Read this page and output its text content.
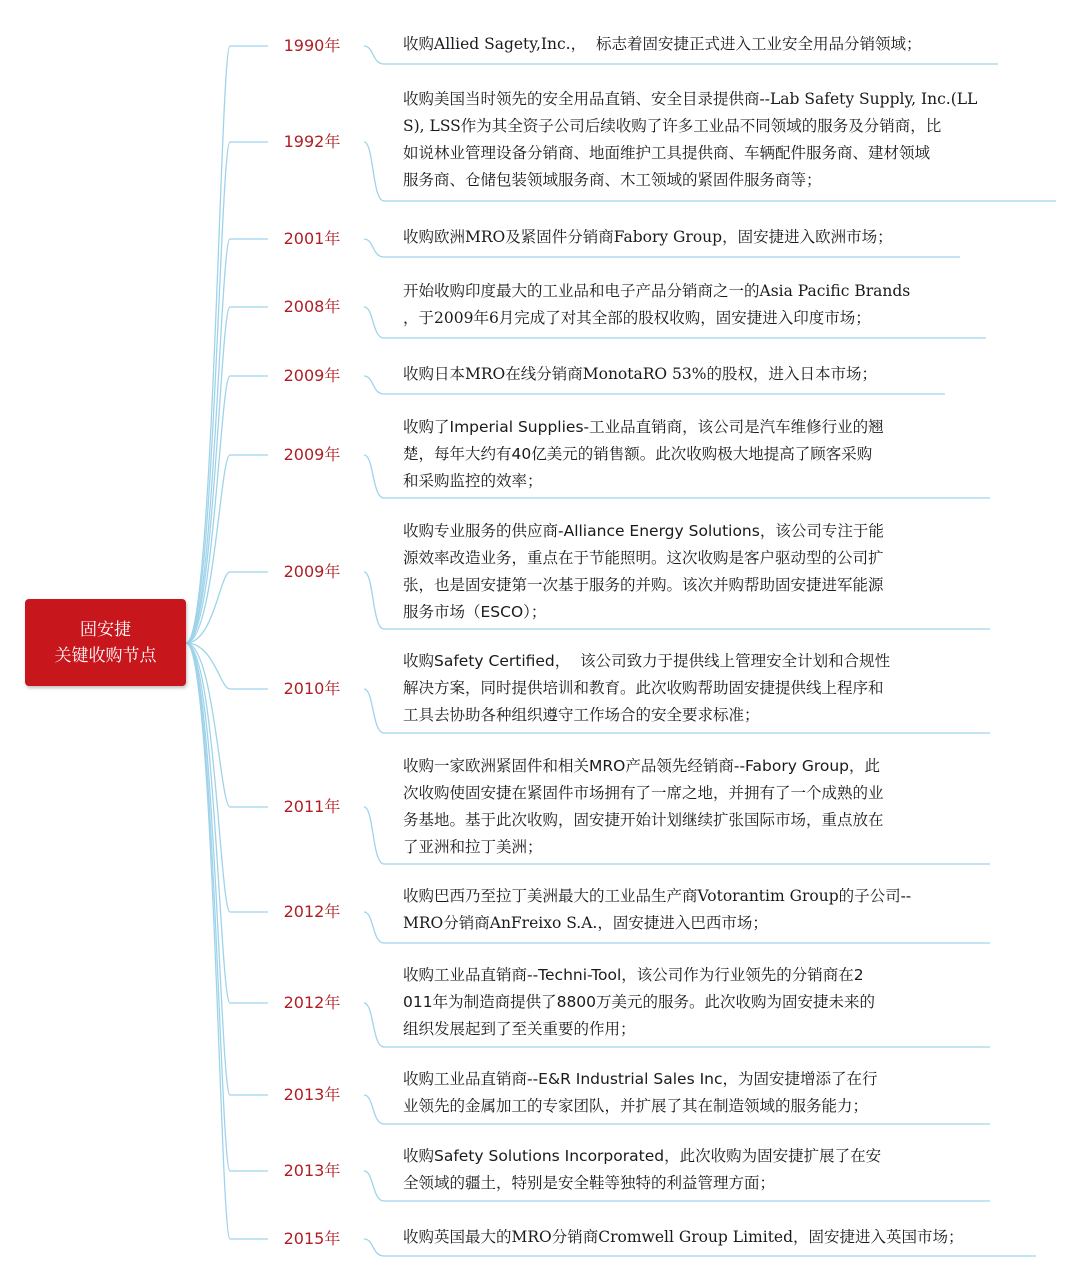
固安捷
关键收购节点
1990年	收购Allied Sagety,Inc.，  标志着固安捷正式进入工业安全用品分销领域；
1992年
收购美国当时领先的安全用品直销、安全目录提供商--Lab Safety Supply, Inc.(LL
S), LSS作为其全资子公司后续收购了许多工业品不同领域的服务及分销商，比
如说林业管理设备分销商、地面维护工具提供商、车辆配件服务商、建材领域
服务商、仓储包装领域服务商、木工领域的紧固件服务商等；
2001年	收购欧洲MRO及紧固件分销商Fabory Group，固安捷进入欧洲市场；
2008年
开始收购印度最大的工业品和电子产品分销商之一的Asia Pacific Brands
，于2009年6月完成了对其全部的股权收购，固安捷进入印度市场；
2009年	收购日本MRO在线分销商MonotaRO 53%的股权，进入日本市场；
2009年
收购了Imperial Supplies-工业品直销商，该公司是汽车维修行业的翘
楚，每年大约有40亿美元的销售额。此次收购极大地提高了顾客采购
和采购监控的效率；
2009年
收购专业服务的供应商-Alliance Energy Solutions，该公司专注于能
源效率改造业务，重点在于节能照明。这次收购是客户驱动型的公司扩
张，也是固安捷第一次基于服务的并购。该次并购帮助固安捷进军能源
服务市场（ESCO）；
2010年
收购Safety Certified，  该公司致力于提供线上管理安全计划和合规性
解决方案，同时提供培训和教育。此次收购帮助固安捷提供线上程序和
工具去协助各种组织遵守工作场合的安全要求标准；
2011年
收购一家欧洲紧固件和相关MRO产品领先经销商--Fabory Group，此
次收购使固安捷在紧固件市场拥有了一席之地，并拥有了一个成熟的业
务基地。基于此次收购，固安捷开始计划继续扩张国际市场，重点放在
了亚洲和拉丁美洲；
2012年
收购巴西乃至拉丁美洲最大的工业品生产商Votorantim Group的子公司--
MRO分销商AnFreixo S.A.，固安捷进入巴西市场；
2012年
收购工业品直销商--Techni-Tool，该公司作为行业领先的分销商在2
011年为制造商提供了8800万美元的服务。此次收购为固安捷未来的
组织发展起到了至关重要的作用；
2013年
收购工业品直销商--E&R Industrial Sales Inc，为固安捷增添了在行
业领先的金属加工的专家团队，并扩展了其在制造领域的服务能力；
2013年
收购Safety Solutions Incorporated，此次收购为固安捷扩展了在安
全领域的疆土，特别是安全鞋等独特的利益管理方面；
2015年	收购英国最大的MRO分销商Cromwell Group Limited，固安捷进入英国市场；
